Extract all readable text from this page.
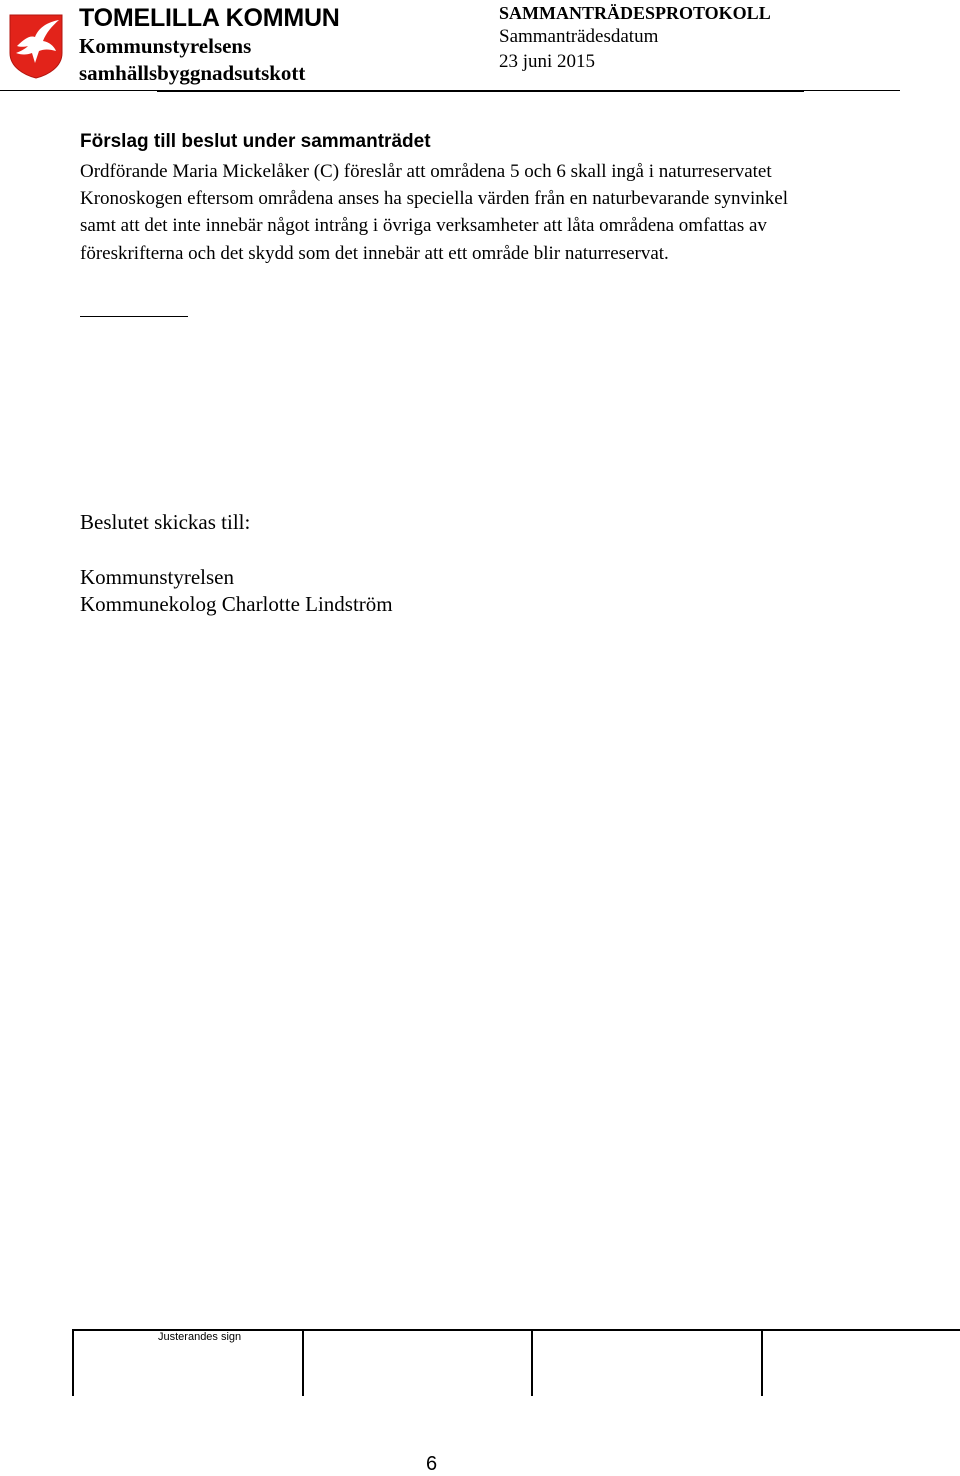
TOMELILLA KOMMUN
Kommunstyrelsens
samhällsbyggnadsutskott
SAMMANTRÄDESPROTOKOLL
Sammanträdesdatum
23 juni 2015
Förslag till beslut under sammanträdet
Ordförande Maria Mickelåker (C) föreslår att områdena 5 och 6 skall ingå i naturreservatet Kronoskogen eftersom områdena anses ha speciella värden från en naturbevarande synvinkel samt att det inte innebär något intrång i övriga verksamheter att låta områdena omfattas av föreskrifterna och det skydd som det innebär att ett område blir naturreservat.
Beslutet skickas till:
Kommunstyrelsen
Kommunekolog Charlotte Lindström
Justerandes sign
6
